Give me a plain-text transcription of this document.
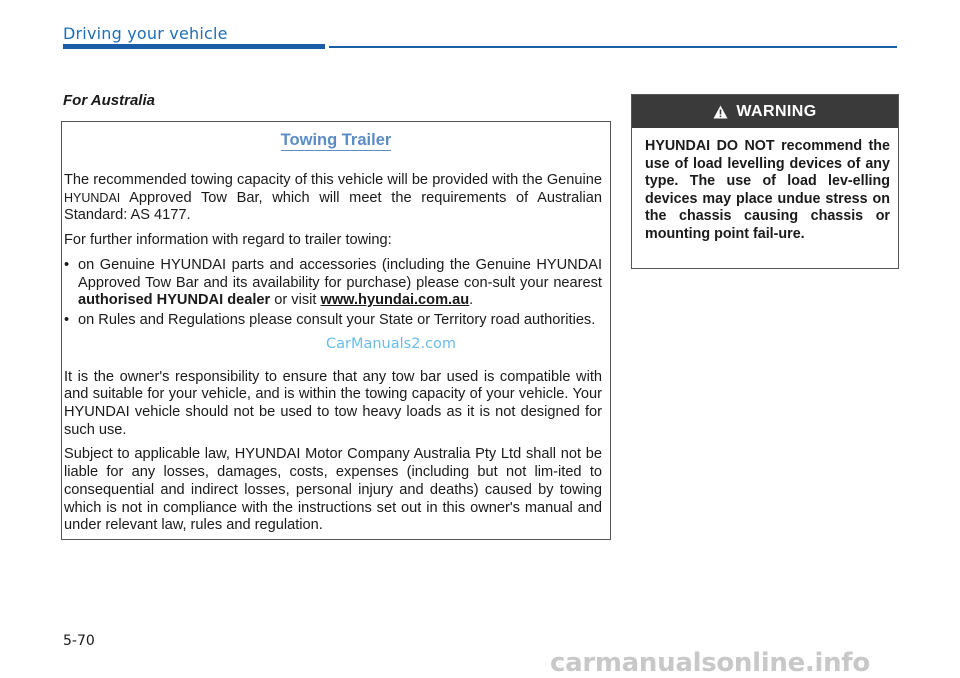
Driving your vehicle
For Australia
Towing Trailer

The recommended towing capacity of this vehicle will be provided with the Genuine HYUNDAI Approved Tow Bar, which will meet the requirements of Australian Standard: AS 4177.

For further information with regard to trailer towing:

• on Genuine HYUNDAI parts and accessories (including the Genuine HYUNDAI Approved Tow Bar and its availability for purchase) please con-sult your nearest authorised HYUNDAI dealer or visit www.hyundai.com.au.
• on Rules and Regulations please consult your State or Territory road authorities.
CarManuals2.com

It is the owner's responsibility to ensure that any tow bar used is compatible with and suitable for your vehicle, and is within the towing capacity of your vehicle. Your HYUNDAI vehicle should not be used to tow heavy loads as it is not designed for such use.

Subject to applicable law, HYUNDAI Motor Company Australia Pty Ltd shall not be liable for any losses, damages, costs, expenses (including but not lim-ited to consequential and indirect losses, personal injury and deaths) caused by towing which is not in compliance with the instructions set out in this owner's manual and under relevant law, rules and regulation.

WARNING
HYUNDAI DO NOT recommend the use of load levelling devices of any type. The use of load lev-elling devices may place undue stress on the chassis causing chassis or mounting point fail-ure.
5-70
carmanualsonline.info
